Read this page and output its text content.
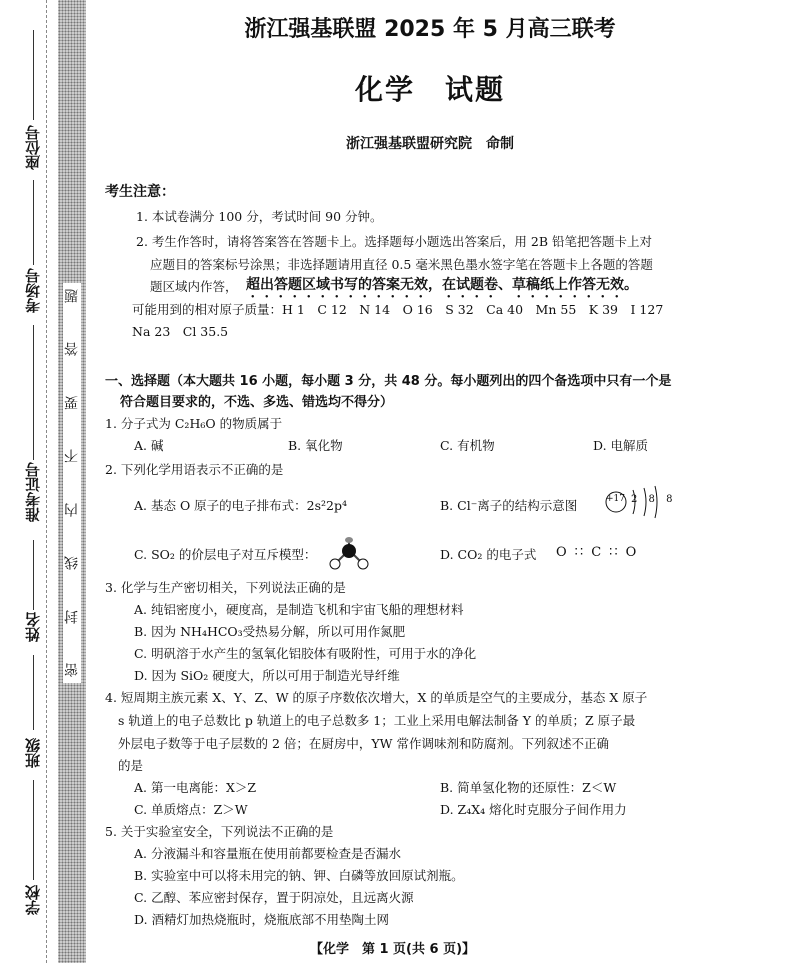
题
答
要
不
内
线
封
密
座位号
考场号
准考证号
姓名
班级
学校
浙江强基联盟 2025 年 5 月高三联考
化学　试题
浙江强基联盟研究院　命制
考生注意：
1. 本试卷满分 100 分，考试时间 90 分钟。
2. 考生作答时，请将答案答在答题卡上。选择题每小题选出答案后，用 2B 铅笔把答题卡上对
应题目的答案标号涂黑；非选择题请用直径 0.5 毫米黑色墨水签字笔在答题卡上各题的答题
题区域内作答， 超出答题区域书写的答案无效，在试题卷、草稿纸上作答无效。
可能用到的相对原子质量：H 1　C 12　N 14　O 16　S 32　Ca 40　Mn 55　K 39　I 127
Na 23　Cl 35.5
一、选择题（本大题共 16 小题，每小题 3 分，共 48 分。每小题列出的四个备选项中只有一个是
符合题目要求的，不选、多选、错选均不得分）
1. 分子式为 C₂H₆O 的物质属于
A. 碱	B. 氧化物	C. 有机物	D. 电解质
2. 下列化学用语表示不正确的是
A. 基态 O 原子的电子排布式：2s²2p⁴	B. Cl⁻离子的结构示意图	+17 2 8 8
C. SO₂ 的价层电子对互斥模型：	D. CO₂ 的电子式 O ∷ C ∷ O
3. 化学与生产密切相关，下列说法正确的是
A. 纯铝密度小，硬度高，是制造飞机和宇宙飞船的理想材料
B. 因为 NH₄HCO₃受热易分解，所以可用作氮肥
C. 明矾溶于水产生的氢氧化铝胶体有吸附性，可用于水的净化
D. 因为 SiO₂ 硬度大，所以可用于制造光导纤维
4. 短周期主族元素 X、Y、Z、W 的原子序数依次增大，X 的单质是空气的主要成分，基态 X 原子
s 轨道上的电子总数比 p 轨道上的电子总数多 1；工业上采用电解法制备 Y 的单质；Z 原子最
外层电子数等于电子层数的 2 倍；在厨房中，YW 常作调味剂和防腐剂。下列叙述不正确
的是
A. 第一电离能：X＞Z	B. 简单氢化物的还原性：Z＜W
C. 单质熔点：Z＞W	D. Z₄X₄ 熔化时克服分子间作用力
5. 关于实验室安全，下列说法不正确的是
A. 分液漏斗和容量瓶在使用前都要检查是否漏水
B. 实验室中可以将未用完的钠、钾、白磷等放回原试剂瓶。
C. 乙醇、苯应密封保存，置于阴凉处，且远离火源
D. 酒精灯加热烧瓶时，烧瓶底部不用垫陶土网
【化学　第 1 页(共 6 页)】
